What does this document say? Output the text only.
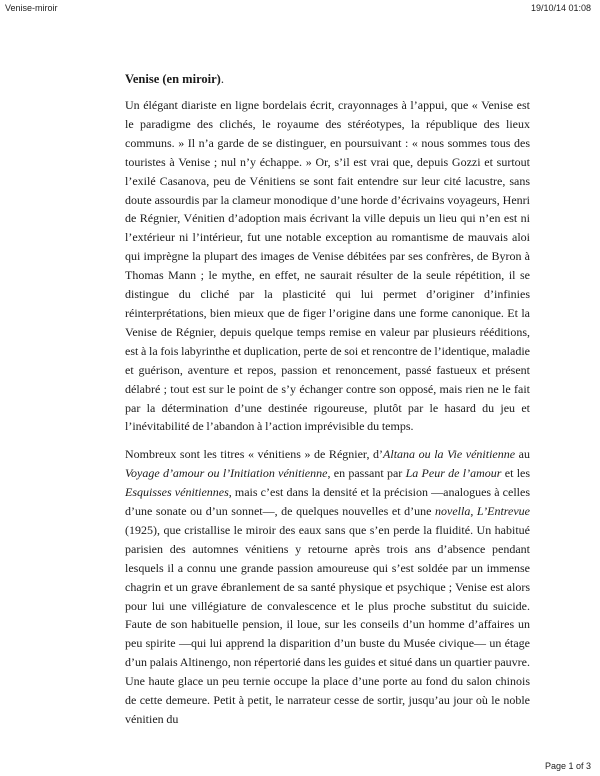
Venise-miroir	19/10/14 01:08
Venise (en miroir).

Un élégant diariste en ligne bordelais écrit, crayonnages à l’appui, que « Venise est le paradigme des clichés, le royaume des stéréotypes, la république des lieux communs. » Il n’a garde de se distinguer, en poursuivant : « nous sommes tous des touristes à Venise ; nul n’y échappe. » Or, s’il est vrai que, depuis Gozzi et surtout l’exilé Casanova, peu de Vénitiens se sont fait entendre sur leur cité lacustre, sans doute assourdis par la clameur monodique d’une horde d’écrivains voyageurs, Henri de Régnier, Vénitien d’adoption mais écrivant la ville depuis un lieu qui n’en est ni l’extérieur ni l’intérieur, fut une notable exception au romantisme de mauvais aloi qui imprègne la plupart des images de Venise débitées par ses confrères, de Byron à Thomas Mann ; le mythe, en effet, ne saurait résulter de la seule répétition, il se distingue du cliché par la plasticité qui lui permet d’originer d’infinies réinterprétations, bien mieux que de figer l’origine dans une forme canonique. Et la Venise de Régnier, depuis quelque temps remise en valeur par plusieurs rééditions, est à la fois labyrinthe et duplication, perte de soi et rencontre de l’identique, maladie et guérison, aventure et repos, passion et renoncement, passé fastueux et présent délabré ; tout est sur le point de s’y échanger contre son opposé, mais rien ne le fait par la détermination d’une destinée rigoureuse, plutôt par le hasard du jeu et l’inévitabilité de l’abandon à l’action imprévisible du temps.

Nombreux sont les titres « vénitiens » de Régnier, d’Altana ou la Vie vénitienne au Voyage d’amour ou l’Initiation vénitienne, en passant par La Peur de l’amour et les Esquisses vénitiennes, mais c’est dans la densité et la précision —analogues à celles d’une sonate ou d’un sonnet—, de quelques nouvelles et d’une novella, L’Entrevue (1925), que cristallise le miroir des eaux sans que s’en perde la fluidité. Un habitué parisien des automnes vénitiens y retourne après trois ans d’absence pendant lesquels il a connu une grande passion amoureuse qui s’est soldée par un immense chagrin et un grave ébranlement de sa santé physique et psychique ; Venise est alors pour lui une villégiature de convalescence et le plus proche substitut du suicide. Faute de son habituelle pension, il loue, sur les conseils d’un homme d’affaires un peu spirite —qui lui apprend la disparition d’un buste du Musée civique— un étage d’un palais Altinengo, non répertorié dans les guides et situé dans un quartier pauvre. Une haute glace un peu ternie occupe la place d’une porte au fond du salon chinois de cette demeure. Petit à petit, le narrateur cesse de sortir, jusqu’au jour où le noble vénitien du

Page 1 of 3
